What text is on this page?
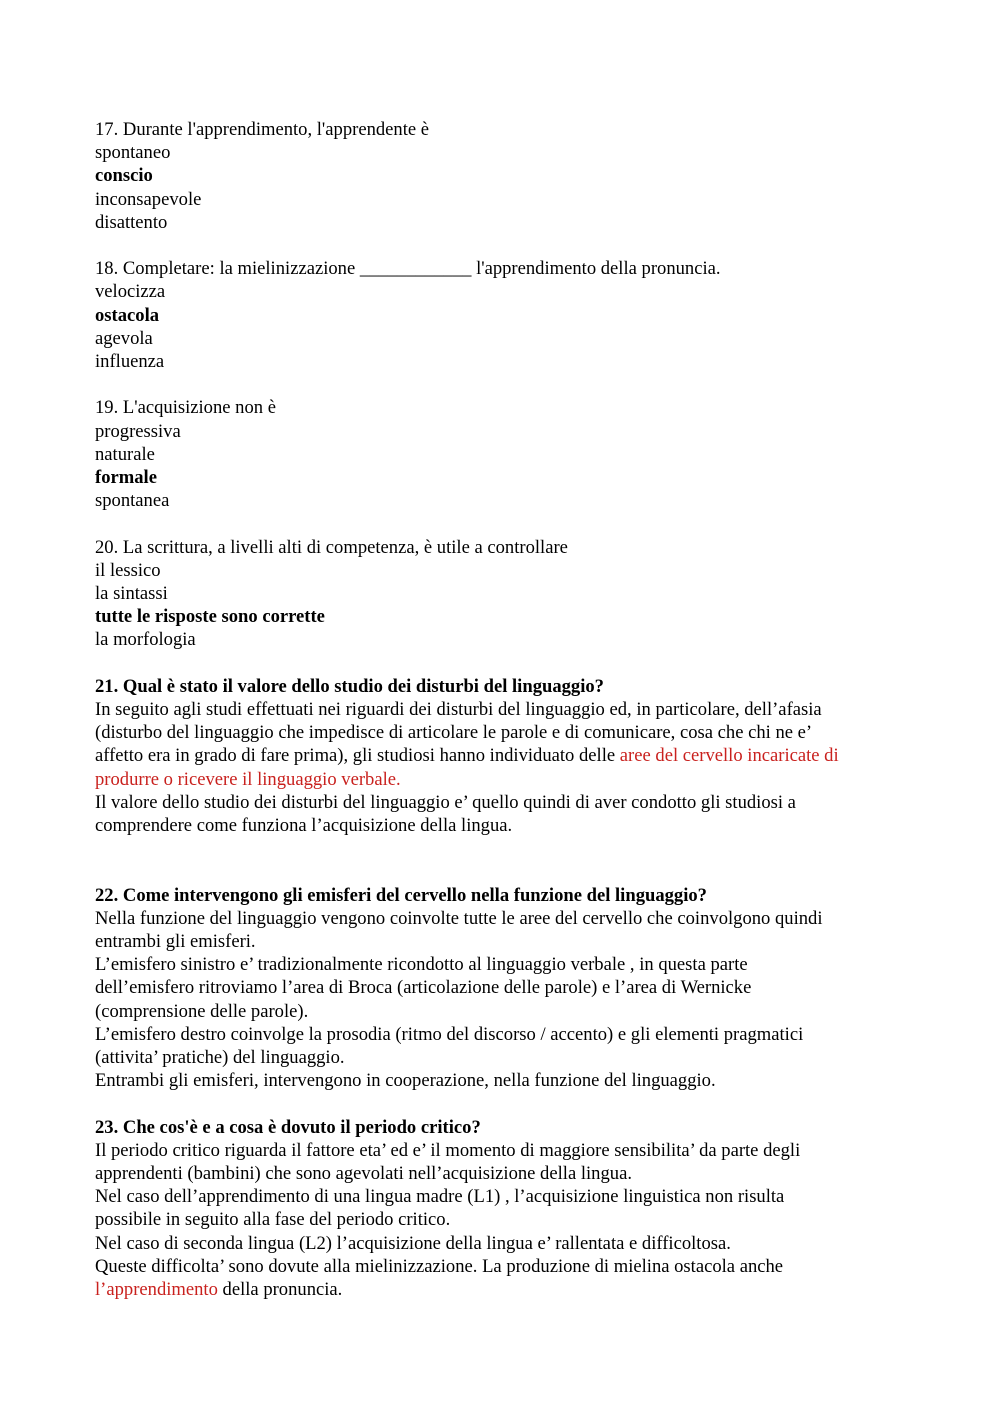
17. Durante l'apprendimento, l'apprendente è
spontaneo
conscio
inconsapevole
disattento
18. Completare: la mielinizzazione ____________ l'apprendimento della pronuncia.
velocizza
ostacola
agevola
influenza
19. L'acquisizione non è
progressiva
naturale
formale
spontanea
20. La scrittura, a livelli alti di competenza, è utile a controllare
il lessico
la sintassi
tutte le risposte sono corrette
la morfologia
21. Qual è stato il valore dello studio dei disturbi del linguaggio?
In seguito agli studi effettuati nei riguardi dei disturbi del linguaggio ed, in particolare, dell’afasia
(disturbo del linguaggio che impedisce di articolare le parole e di comunicare, cosa che chi ne e’
affetto era in grado di fare prima), gli studiosi hanno individuato delle aree del cervello incaricate di
produrre o ricevere il linguaggio verbale.
Il valore dello studio dei disturbi del linguaggio e’ quello quindi di aver condotto gli studiosi a
comprendere come funziona l’acquisizione della lingua.
22. Come intervengono gli emisferi del cervello nella funzione del linguaggio?
Nella funzione del linguaggio vengono coinvolte tutte le aree del cervello che coinvolgono quindi
entrambi gli emisferi.
L’emisfero sinistro e’ tradizionalmente ricondotto al linguaggio verbale , in questa parte
dell’emisfero ritroviamo l’area di Broca (articolazione delle parole) e l’area di Wernicke
(comprensione delle parole).
L’emisfero destro coinvolge la prosodia (ritmo del discorso / accento) e gli elementi pragmatici
(attivita’ pratiche) del linguaggio.
Entrambi gli emisferi, intervengono in cooperazione, nella funzione del linguaggio.
23. Che cos'è e a cosa è dovuto il periodo critico?
Il periodo critico riguarda il fattore eta’ ed e’ il momento di maggiore sensibilita’ da parte degli
apprendenti (bambini) che sono agevolati nell’acquisizione della lingua.
Nel caso dell’apprendimento di una lingua madre (L1) , l’acquisizione linguistica non risulta
possibile in seguito alla fase del periodo critico.
Nel caso di seconda lingua (L2) l’acquisizione della lingua e’ rallentata e difficoltosa.
Queste difficolta’ sono dovute alla mielinizzazione. La produzione di mielina ostacola anche
l’apprendimento della pronuncia.
